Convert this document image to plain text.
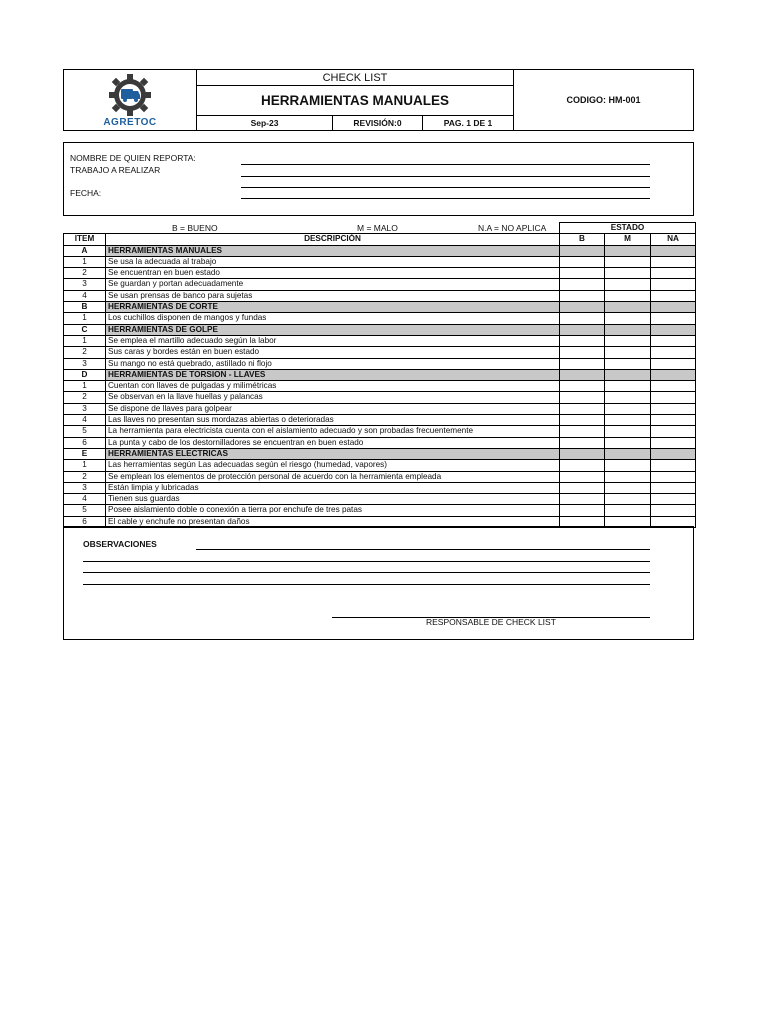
AGRETOC
CHECK LIST
HERRAMIENTAS MANUALES
Sep-23	REVISIÓN:0	PAG. 1 DE 1
CODIGO: HM-001
NOMBRE DE QUIEN REPORTA:
TRABAJO A REALIZAR
FECHA:
B = BUENO	M = MALO	N.A = NO APLICA
			ESTADO		
ITEM	DESCRIPCIÓN	B	M	NA
A	HERRAMIENTAS MANUALES			
1	Se usa la adecuada al trabajo			
2	Se encuentran en buen estado			
3	Se guardan y portan adecuadamente			
4	Se usan prensas de banco para sujetas			
B	HERRAMIENTAS DE CORTE			
1	Los cuchillos disponen de mangos y fundas			
C	HERRAMIENTAS DE GOLPE			
1	Se emplea el martillo adecuado según la labor			
2	Sus caras y bordes están en buen estado			
3	Su mango no está quebrado, astillado ni flojo			
D	HERRAMIENTAS DE TORSION - LLAVES			
1	Cuentan con llaves de pulgadas y milimétricas			
2	Se observan en la llave huellas y palancas			
3	Se dispone de llaves para golpear			
4	Las llaves no presentan sus mordazas abiertas o deterioradas			
5	La herramienta para electricista cuenta con el aislamiento adecuado y son probadas frecuentemente			
6	La punta y cabo de los destornilladores se encuentran en buen estado			
E	HERRAMIENTAS ELECTRICAS			
1	Las herramientas según Las adecuadas según el riesgo (humedad, vapores)			
2	Se emplean los elementos de protección personal de acuerdo con la herramienta empleada			
3	Están limpia y lubricadas			
4	Tienen sus guardas			
5	Posee aislamiento doble o conexión a tierra por enchufe de tres patas			
6	El cable y enchufe no presentan daños			
OBSERVACIONES
RESPONSABLE DE CHECK LIST
